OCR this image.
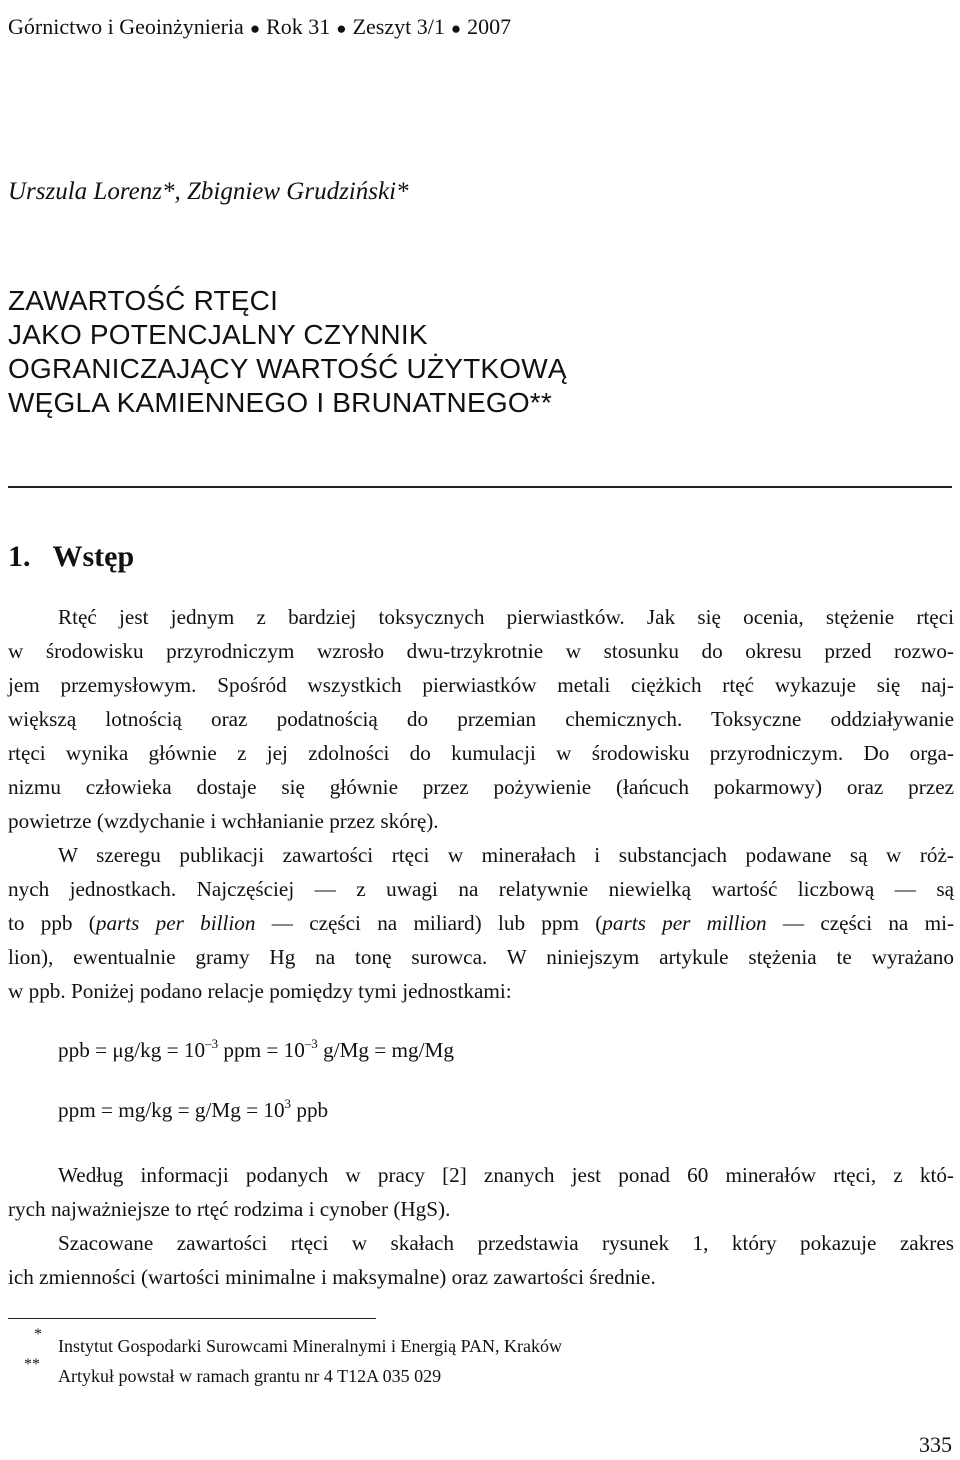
Górnictwo i Geoinżynieria ● Rok 31 ● Zeszyt 3/1 ● 2007
Urszula Lorenz*, Zbigniew Grudziński*
ZAWARTOŚĆ RTĘCI
JAKO POTENCJALNY CZYNNIK
OGRANICZAJĄCY WARTOŚĆ UŻYTKOWĄ
WĘGLA KAMIENNEGO I BRUNATNEGO**
1. Wstęp
Rtęć jest jednym z bardziej toksycznych pierwiastków. Jak się ocenia, stężenie rtęci
w środowisku przyrodniczym wzrosło dwu-trzykrotnie w stosunku do okresu przed rozwo-
jem przemysłowym. Spośród wszystkich pierwiastków metali ciężkich rtęć wykazuje się naj-
większą lotnością oraz podatnością do przemian chemicznych. Toksyczne oddziaływanie
rtęci wynika głównie z jej zdolności do kumulacji w środowisku przyrodniczym. Do orga-
nizmu człowieka dostaje się głównie przez pożywienie (łańcuch pokarmowy) oraz przez
powietrze (wzdychanie i wchłanianie przez skórę).
W szeregu publikacji zawartości rtęci w minerałach i substancjach podawane są w róż-
nych jednostkach. Najczęściej — z uwagi na relatywnie niewielką wartość liczbową — są
to ppb (parts per billion — części na miliard) lub ppm (parts per million — części na mi-
lion), ewentualnie gramy Hg na tonę surowca. W niniejszym artykule stężenia te wyrażano
w ppb. Poniżej podano relacje pomiędzy tymi jednostkami:
ppb = $\mu g/kg = 10^{-3}$ ppm = $10^{-3}$ g/Mg = mg/Mg
ppm = $mg/kg = g/Mg = 10^3$ ppb
Według informacji podanych w pracy [2] znanych jest ponad 60 minerałów rtęci, z któ-
rych najważniejsze to rtęć rodzima i cynober (HgS).
Szacowane zawartości rtęci w skałach przedstawia rysunek 1, który pokazuje zakres
ich zmienności (wartości minimalne i maksymalne) oraz zawartości średnie.
*
Instytut Gospodarki Surowcami Mineralnymi i Energią PAN, Kraków
**
Artykuł powstał w ramach grantu nr 4 T12A 035 029
335
